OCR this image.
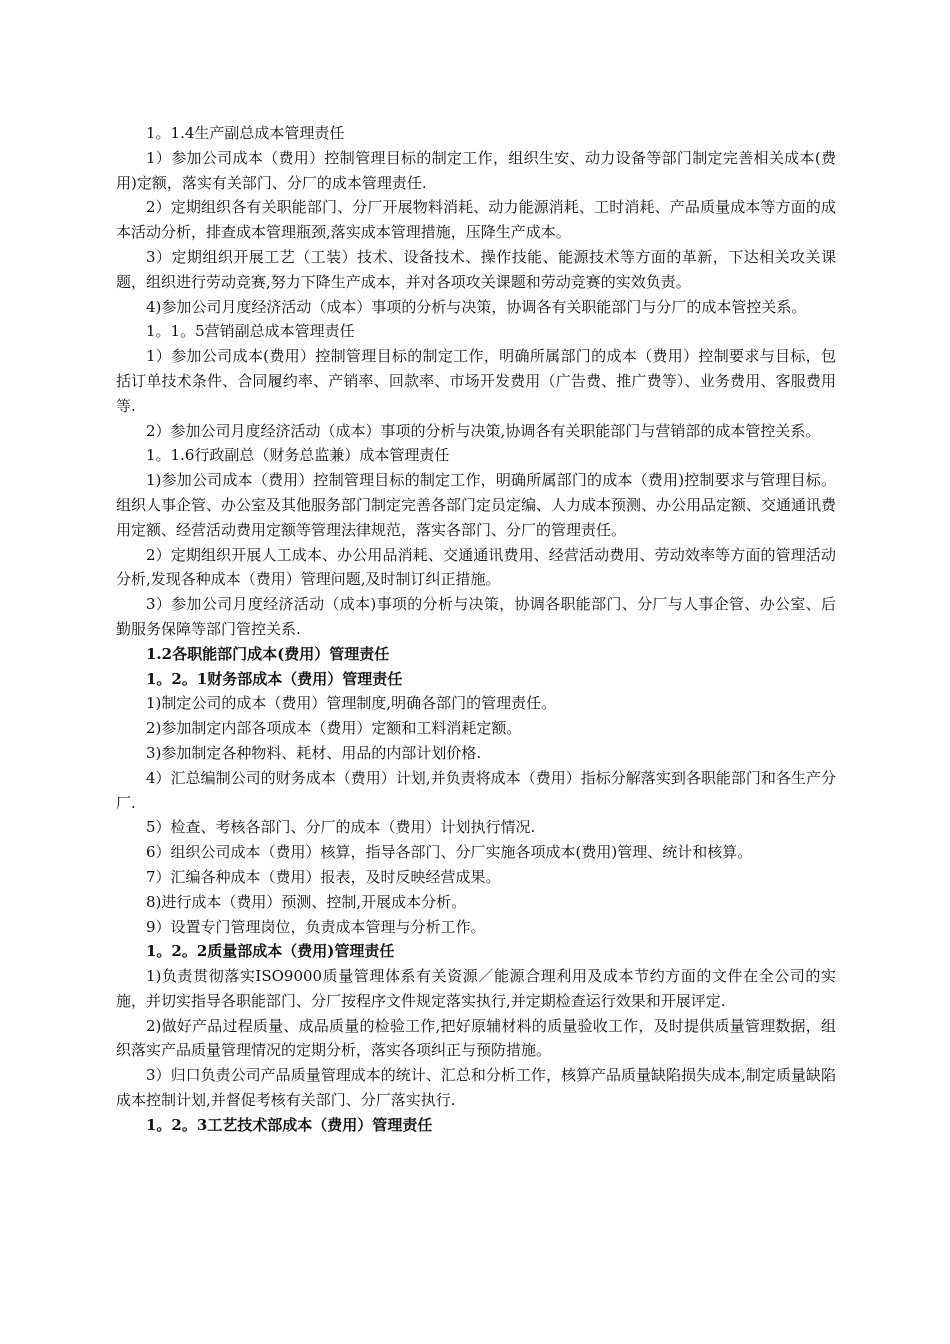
1。1.4生产副总成本管理责任

1）参加公司成本（费用）控制管理目标的制定工作，组织生安、动力设备等部门制定完善相关成本(费用)定额，落实有关部门、分厂的成本管理责任.

2）定期组织各有关职能部门、分厂开展物料消耗、动力能源消耗、工时消耗、产品质量成本等方面的成本活动分析，排查成本管理瓶颈,落实成本管理措施，压降生产成本。

3）定期组织开展工艺（工装）技术、设备技术、操作技能、能源技术等方面的革新，下达相关攻关课题，组织进行劳动竞赛,努力下降生产成本，并对各项攻关课题和劳动竞赛的实效负责。

4)参加公司月度经济活动（成本）事项的分析与决策，协调各有关职能部门与分厂的成本管控关系。

1。1。5营销副总成本管理责任

1）参加公司成本(费用）控制管理目标的制定工作，明确所属部门的成本（费用）控制要求与目标，包括订单技术条件、合同履约率、产销率、回款率、市场开发费用（广告费、推广费等）、业务费用、客服费用等.

2）参加公司月度经济活动（成本）事项的分析与决策,协调各有关职能部门与营销部的成本管控关系。

1。1.6行政副总（财务总监兼）成本管理责任

1)参加公司成本（费用）控制管理目标的制定工作，明确所属部门的成本（费用)控制要求与管理目标。组织人事企管、办公室及其他服务部门制定完善各部门定员定编、人力成本预测、办公用品定额、交通通讯费用定额、经营活动费用定额等管理法律规范，落实各部门、分厂的管理责任。

2）定期组织开展人工成本、办公用品消耗、交通通讯费用、经营活动费用、劳动效率等方面的管理活动分析,发现各种成本（费用）管理问题,及时制订纠正措施。

3）参加公司月度经济活动（成本)事项的分析与决策，协调各职能部门、分厂与人事企管、办公室、后勤服务保障等部门管控关系.

1.2各职能部门成本(费用）管理责任

1。2。1财务部成本（费用）管理责任

1)制定公司的成本（费用）管理制度,明确各部门的管理责任。

2)参加制定内部各项成本（费用）定额和工料消耗定额。

3)参加制定各种物料、耗材、用品的内部计划价格.

4）汇总编制公司的财务成本（费用）计划,并负责将成本（费用）指标分解落实到各职能部门和各生产分厂.

5）检查、考核各部门、分厂的成本（费用）计划执行情况.

6）组织公司成本（费用）核算，指导各部门、分厂实施各项成本(费用)管理、统计和核算。

7）汇编各种成本（费用）报表，及时反映经营成果。

8)进行成本（费用）预测、控制,开展成本分析。

9）设置专门管理岗位，负责成本管理与分析工作。

1。2。2质量部成本（费用)管理责任

1)负责贯彻落实ISO9000质量管理体系有关资源／能源合理利用及成本节约方面的文件在全公司的实施，并切实指导各职能部门、分厂按程序文件规定落实执行,并定期检查运行效果和开展评定.

2)做好产品过程质量、成品质量的检验工作,把好原辅材料的质量验收工作，及时提供质量管理数据，组织落实产品质量管理情况的定期分析，落实各项纠正与预防措施。

3）归口负责公司产品质量管理成本的统计、汇总和分析工作，核算产品质量缺陷损失成本,制定质量缺陷成本控制计划,并督促考核有关部门、分厂落实执行.

1。2。3工艺技术部成本（费用）管理责任
